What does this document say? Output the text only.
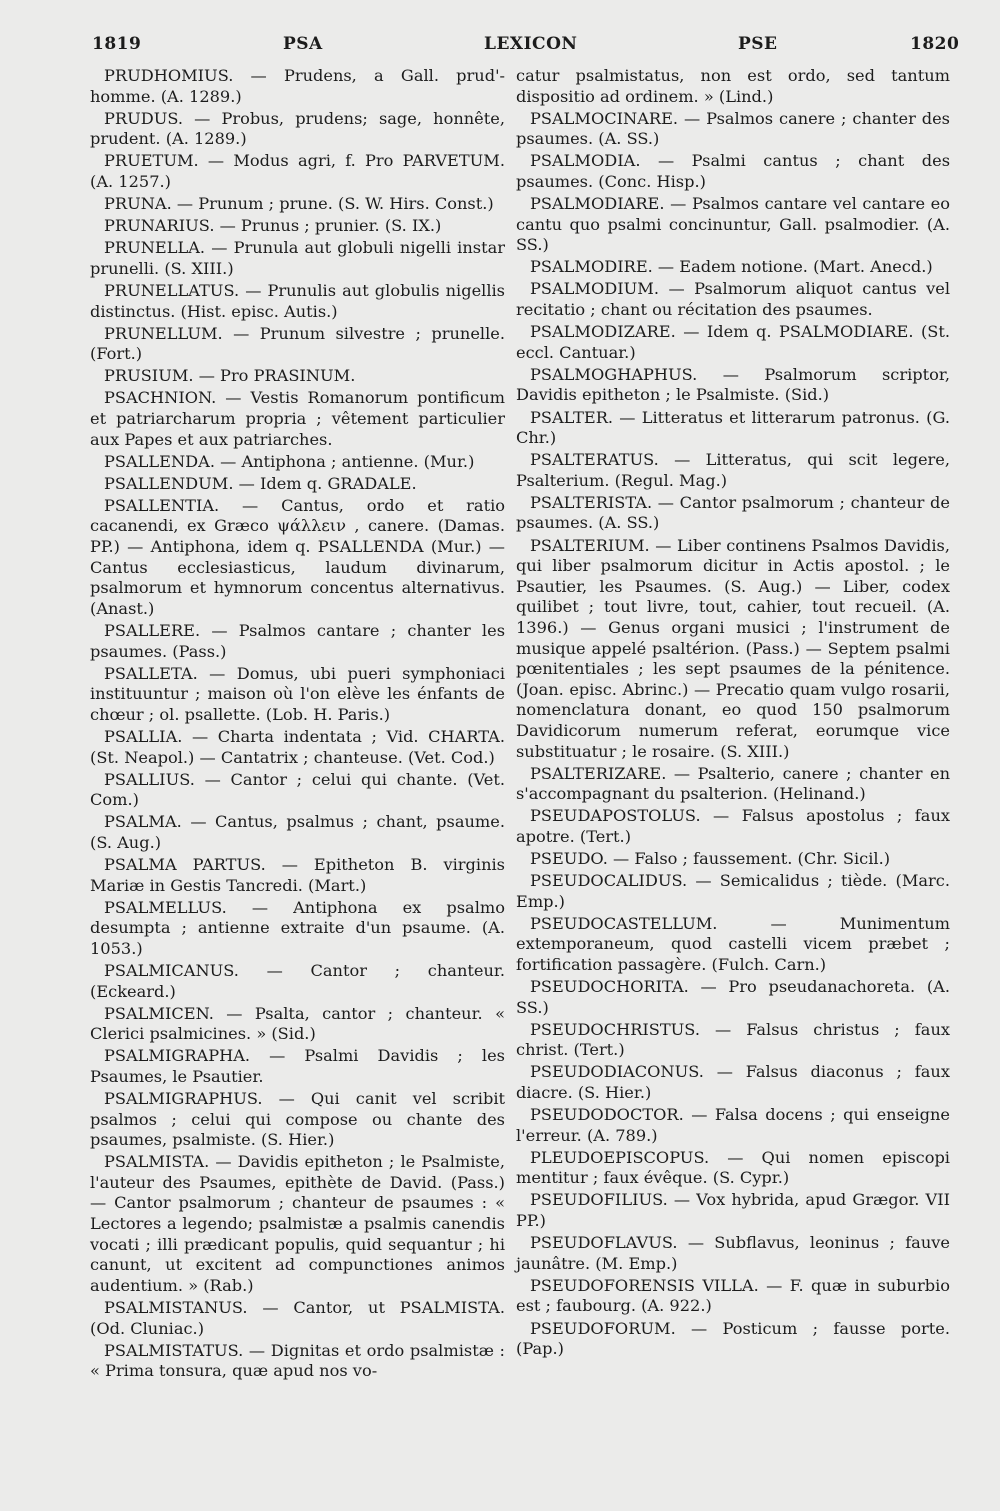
1819	PSA	LEXICON	PSE	1820

PRUDHOMIUS. — Prudens, a Gall. prud'-homme. (A. 1289.)

PRUDUS. — Probus, prudens; sage, honnête, prudent. (A. 1289.)

PRUETUM. — Modus agri, f. Pro PARVETUM. (A. 1257.)

PRUNA. — Prunum ; prune. (S. W. Hirs. Const.)

PRUNARIUS. — Prunus ; prunier. (S. IX.)

PRUNELLA. — Prunula aut globuli nigelli instar prunelli. (S. XIII.)

PRUNELLATUS. — Prunulis aut globulis nigellis distinctus. (Hist. episc. Autis.)

PRUNELLUM. — Prunum silvestre ; prunelle. (Fort.)

PRUSIUM. — Pro PRASINUM.

PSACHNION. — Vestis Romanorum pontificum et patriarcharum propria ; vêtement particulier aux Papes et aux patriarches.

PSALLENDA. — Antiphona ; antienne. (Mur.)

PSALLENDUM. — Idem q. GRADALE.

PSALLENTIA. — Cantus, ordo et ratio cacanendi, ex Græco ψάλλειν , canere. (Damas. PP.) — Antiphona, idem q. PSALLENDA (Mur.) — Cantus ecclesiasticus, laudum divinarum, psalmorum et hymnorum concentus alternativus. (Anast.)

PSALLERE. — Psalmos cantare ; chanter les psaumes. (Pass.)

PSALLETA. — Domus, ubi pueri symphoniaci instituuntur ; maison où l'on elève les énfants de chœur ; ol. psallette. (Lob. H. Paris.)

PSALLIA. — Charta indentata ; Vid. CHARTA. (St. Neapol.) — Cantatrix ; chanteuse. (Vet. Cod.)

PSALLIUS. — Cantor ; celui qui chante. (Vet. Com.)

PSALMA. — Cantus, psalmus ; chant, psaume. (S. Aug.)

PSALMA PARTUS. — Epitheton B. virginis Mariæ in Gestis Tancredi. (Mart.)

PSALMELLUS. — Antiphona ex psalmo desumpta ; antienne extraite d'un psaume. (A. 1053.)

PSALMICANUS. — Cantor ; chanteur. (Eckeard.)

PSALMICEN. — Psalta, cantor ; chanteur. « Clerici psalmicines. » (Sid.)

PSALMIGRAPHA. — Psalmi Davidis ; les Psaumes, le Psautier.

PSALMIGRAPHUS. — Qui canit vel scribit psalmos ; celui qui compose ou chante des psaumes, psalmiste. (S. Hier.)

PSALMISTA. — Davidis epitheton ; le Psalmiste, l'auteur des Psaumes, epithète de David. (Pass.) — Cantor psalmorum ; chanteur de psaumes : « Lectores a legendo; psalmistæ a psalmis canendis vocati ; illi prædicant populis, quid sequantur ; hi canunt, ut excitent ad compunctiones animos audentium. » (Rab.)

PSALMISTANUS. — Cantor, ut PSALMISTA. (Od. Cluniac.)

PSALMISTATUS. — Dignitas et ordo psalmistæ : « Prima tonsura, quæ apud nos vo-

catur psalmistatus, non est ordo, sed tantum dispositio ad ordinem. » (Lind.)

PSALMOCINARE. — Psalmos canere ; chanter des psaumes. (A. SS.)

PSALMODIA. — Psalmi cantus ; chant des psaumes. (Conc. Hisp.)

PSALMODIARE. — Psalmos cantare vel cantare eo cantu quo psalmi concinuntur, Gall. psalmodier. (A. SS.)

PSALMODIRE. — Eadem notione. (Mart. Anecd.)

PSALMODIUM. — Psalmorum aliquot cantus vel recitatio ; chant ou récitation des psaumes.

PSALMODIZARE. — Idem q. PSALMODIARE. (St. eccl. Cantuar.)

PSALMOGHAPHUS. — Psalmorum scriptor, Davidis epitheton ; le Psalmiste. (Sid.)

PSALTER. — Litteratus et litterarum patronus. (G. Chr.)

PSALTERATUS. — Litteratus, qui scit legere, Psalterium. (Regul. Mag.)

PSALTERISTA. — Cantor psalmorum ; chanteur de psaumes. (A. SS.)

PSALTERIUM. — Liber continens Psalmos Davidis, qui liber psalmorum dicitur in Actis apostol. ; le Psautier, les Psaumes. (S. Aug.) — Liber, codex quilibet ; tout livre, tout, cahier, tout recueil. (A. 1396.) — Genus organi musici ; l'instrument de musique appelé psaltérion. (Pass.) — Septem psalmi pœnitentiales ; les sept psaumes de la pénitence. (Joan. episc. Abrinc.) — Precatio quam vulgo rosarii, nomenclatura donant, eo quod 150 psalmorum Davidicorum numerum referat, eorumque vice substituatur ; le rosaire. (S. XIII.)

PSALTERIZARE. — Psalterio, canere ; chanter en s'accompagnant du psalterion. (Helinand.)

PSEUDAPOSTOLUS. — Falsus apostolus ; faux apotre. (Tert.)

PSEUDO. — Falso ; faussement. (Chr. Sicil.)

PSEUDOCALIDUS. — Semicalidus ; tiède. (Marc. Emp.)

PSEUDOCASTELLUM. — Munimentum extemporaneum, quod castelli vicem præbet ; fortification passagère. (Fulch. Carn.)

PSEUDOCHORITA. — Pro pseudanachoreta. (A. SS.)

PSEUDOCHRISTUS. — Falsus christus ; faux christ. (Tert.)

PSEUDODIACONUS. — Falsus diaconus ; faux diacre. (S. Hier.)

PSEUDODOCTOR. — Falsa docens ; qui enseigne l'erreur. (A. 789.)

PLEUDOEPISCOPUS. — Qui nomen episcopi mentitur ; faux évêque. (S. Cypr.)

PSEUDOFILIUS. — Vox hybrida, apud Grægor. VII PP.)

PSEUDOFLAVUS. — Subflavus, leoninus ; fauve jaunâtre. (M. Emp.)

PSEUDOFORENSIS VILLA. — F. quæ in suburbio est ; faubourg. (A. 922.)

PSEUDOFORUM. — Posticum ; fausse porte. (Pap.)
